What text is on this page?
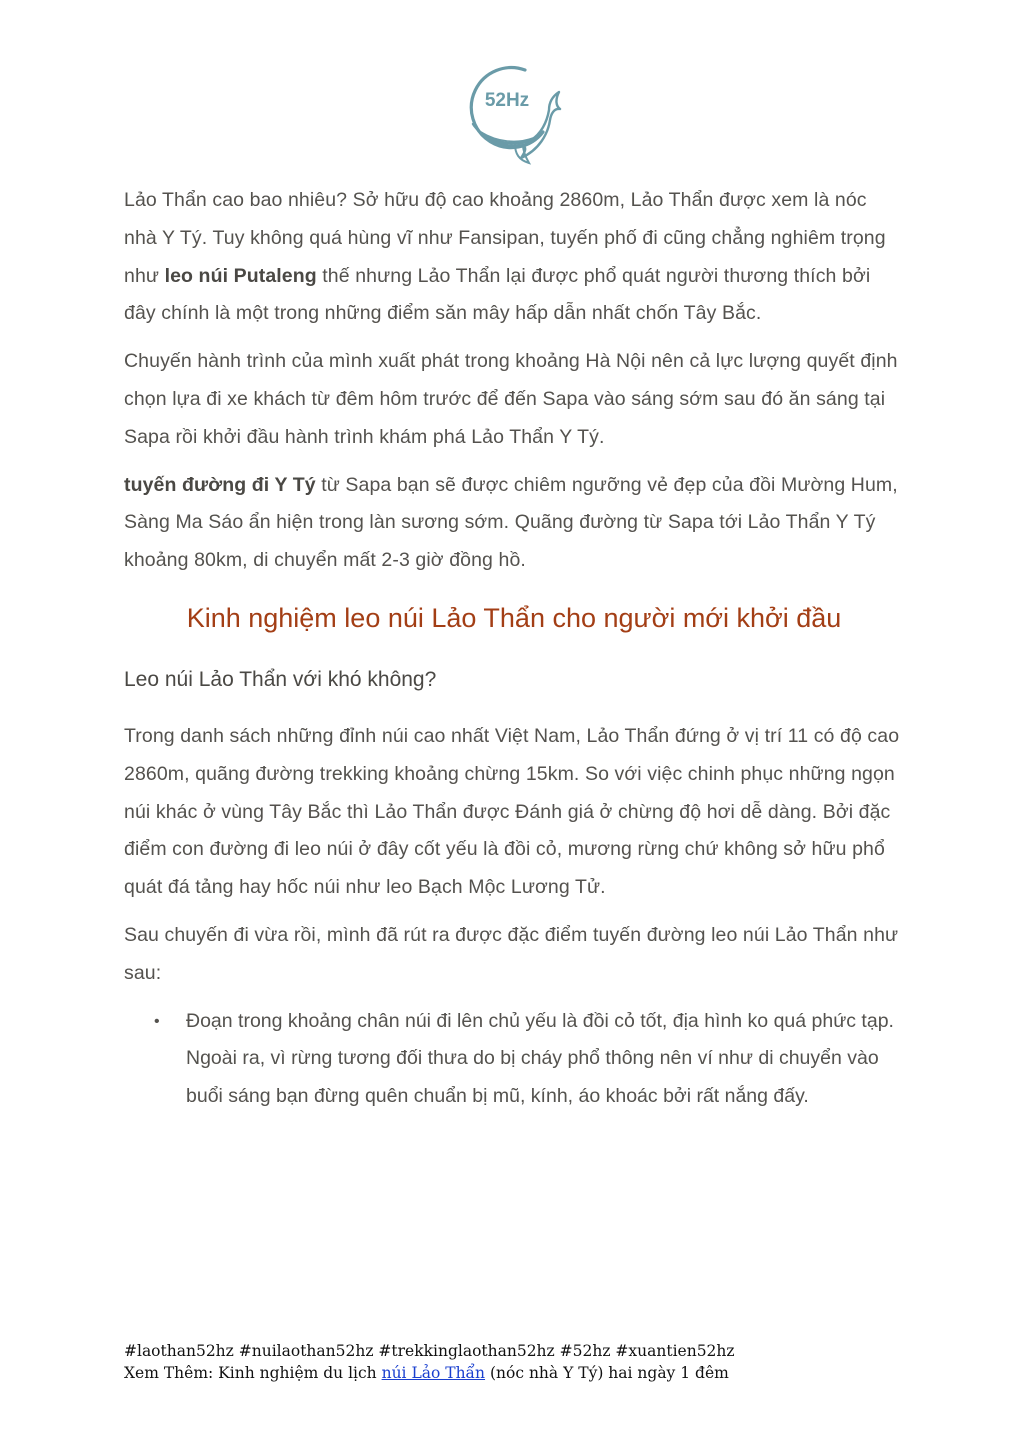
52Hz

Lảo Thẩn cao bao nhiêu? Sở hữu độ cao khoảng 2860m, Lảo Thẩn được xem là nóc nhà Y Tý. Tuy không quá hùng vĩ như Fansipan, tuyến phố đi cũng chẳng nghiêm trọng như leo núi Putaleng thế nhưng Lảo Thẩn lại được phổ quát người thương thích bởi đây chính là một trong những điểm săn mây hấp dẫn nhất chốn Tây Bắc.

Chuyến hành trình của mình xuất phát trong khoảng Hà Nội nên cả lực lượng quyết định chọn lựa đi xe khách từ đêm hôm trước để đến Sapa vào sáng sớm sau đó ăn sáng tại Sapa rồi khởi đầu hành trình khám phá Lảo Thẩn Y Tý.

tuyến đường đi Y Tý từ Sapa bạn sẽ được chiêm ngưỡng vẻ đẹp của đồi Mường Hum, Sàng Ma Sáo ẩn hiện trong làn sương sớm. Quãng đường từ Sapa tới Lảo Thẩn Y Tý khoảng 80km, di chuyển mất 2-3 giờ đồng hồ.

Kinh nghiệm leo núi Lảo Thẩn cho người mới khởi đầu
Leo núi Lảo Thẩn với khó không?

Trong danh sách những đỉnh núi cao nhất Việt Nam, Lảo Thẩn đứng ở vị trí 11 có độ cao 2860m, quãng đường trekking khoảng chừng 15km. So với việc chinh phục những ngọn núi khác ở vùng Tây Bắc thì Lảo Thẩn được Đánh giá ở chừng độ hơi dễ dàng. Bởi đặc điểm con đường đi leo núi ở đây cốt yếu là đồi cỏ, mương rừng chứ không sở hữu phổ quát đá tảng hay hốc núi như leo Bạch Mộc Lương Tử.

Sau chuyến đi vừa rồi, mình đã rút ra được đặc điểm tuyến đường leo núi Lảo Thẩn như sau:

• Đoạn trong khoảng chân núi đi lên chủ yếu là đồi cỏ tốt, địa hình ko quá phức tạp. Ngoài ra, vì rừng tương đối thưa do bị cháy phổ thông nên ví như di chuyển vào buổi sáng bạn đừng quên chuẩn bị mũ, kính, áo khoác bởi rất nắng đấy.
#laothan52hz #nuilaothan52hz #trekkinglaothan52hz #52hz #xuantien52hz
Xem Thêm: Kinh nghiệm du lịch núi Lảo Thẩn (nóc nhà Y Tý) hai ngày 1 đêm
